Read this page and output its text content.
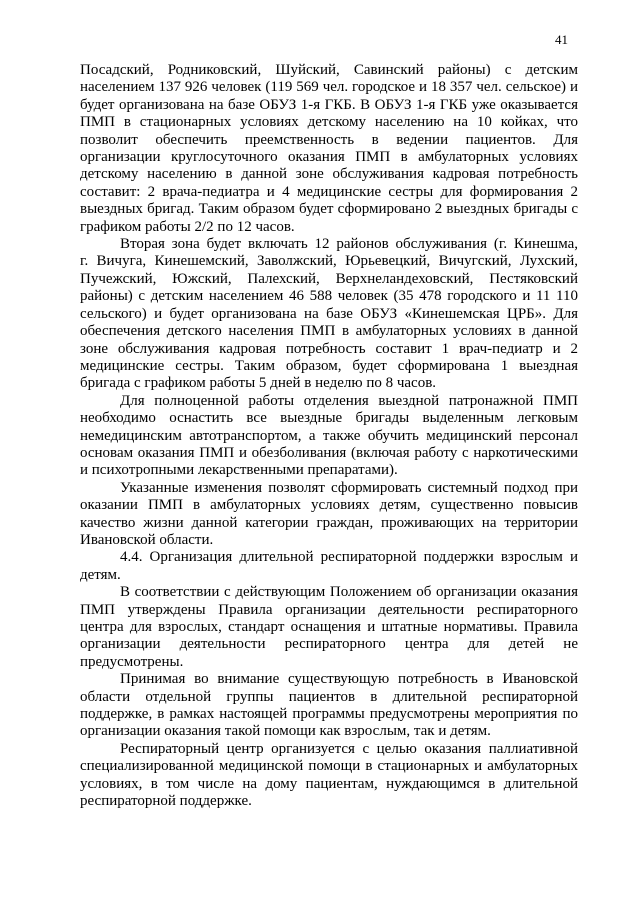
41

Посадский, Родниковский, Шуйский, Савинский районы) с детским населением 137 926 человек (119 569 чел. городское и 18 357 чел. сельское) и будет организована на базе ОБУЗ 1-я ГКБ. В ОБУЗ 1-я ГКБ уже оказывается ПМП в стационарных условиях детскому населению на 10 койках, что позволит обеспечить преемственность в ведении пациентов. Для организации круглосуточного оказания ПМП в амбулаторных условиях детскому населению в данной зоне обслуживания кадровая потребность составит: 2 врача-педиатра и 4 медицинские сестры для формирования 2 выездных бригад. Таким образом будет сформировано 2 выездных бригады с графиком работы 2/2 по 12 часов.

Вторая зона будет включать 12 районов обслуживания (г. Кинешма, г. Вичуга, Кинешемский, Заволжский, Юрьевецкий, Вичугский, Лухский, Пучежский, Южский, Палехский, Верхнеландеховский, Пестяковский районы) с детским населением 46 588 человек (35 478 городского и 11 110 сельского) и будет организована на базе ОБУЗ «Кинешемская ЦРБ». Для обеспечения детского населения ПМП в амбулаторных условиях в данной зоне обслуживания кадровая потребность составит 1 врач-педиатр и 2 медицинские сестры. Таким образом, будет сформирована 1 выездная бригада с графиком работы 5 дней в неделю по 8 часов.

Для полноценной работы отделения выездной патронажной ПМП необходимо оснастить все выездные бригады выделенным легковым немедицинским автотранспортом, а также обучить медицинский персонал основам оказания ПМП и обезболивания (включая работу с наркотическими и психотропными лекарственными препаратами).

Указанные изменения позволят сформировать системный подход при оказании ПМП в амбулаторных условиях детям, существенно повысив качество жизни данной категории граждан, проживающих на территории Ивановской области.

4.4. Организация длительной респираторной поддержки взрослым и детям.

В соответствии с действующим Положением об организации оказания ПМП утверждены Правила организации деятельности респираторного центра для взрослых, стандарт оснащения и штатные нормативы. Правила организации деятельности респираторного центра для детей не предусмотрены.

Принимая во внимание существующую потребность в Ивановской области отдельной группы пациентов в длительной респираторной поддержке, в рамках настоящей программы предусмотрены мероприятия по организации оказания такой помощи как взрослым, так и детям.

Респираторный центр организуется с целью оказания паллиативной специализированной медицинской помощи в стационарных и амбулаторных условиях, в том числе на дому пациентам, нуждающимся в длительной респираторной поддержке.
